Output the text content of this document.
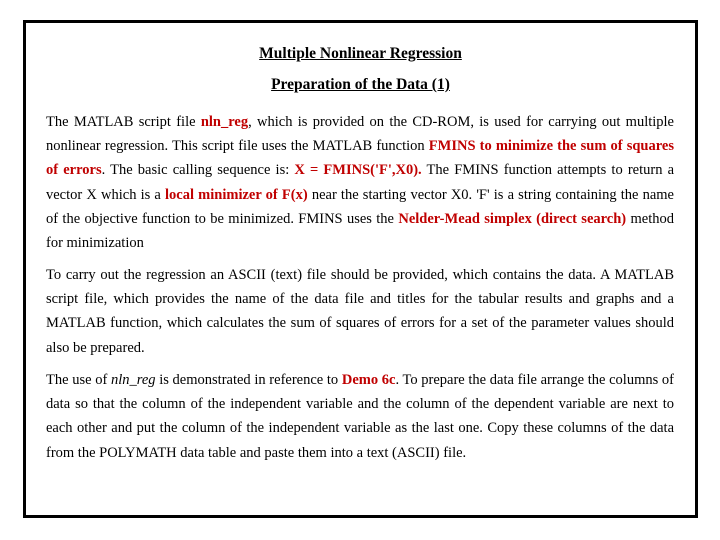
Multiple Nonlinear Regression
Preparation of the Data (1)

The MATLAB script file nln_reg, which is provided on the CD-ROM, is used for carrying out multiple nonlinear regression. This script file uses the MATLAB function FMINS to minimize the sum of squares of errors. The basic calling sequence is: X = FMINS('F',X0). The FMINS function attempts to return a vector X which is a local minimizer of F(x) near the starting vector X0. 'F' is a string containing the name of the objective function to be minimized. FMINS uses the Nelder-Mead simplex (direct search) method for minimization

To carry out the regression an ASCII (text) file should be provided, which contains the data. A MATLAB script file, which provides the name of the data file and titles for the tabular results and graphs and a MATLAB function, which calculates the sum of squares of errors for a set of the parameter values should also be prepared.

The use of nln_reg is demonstrated in reference to Demo 6c. To prepare the data file arrange the columns of data so that the column of the independent variable and the column of the dependent variable are next to each other and put the column of the independent variable as the last one. Copy these columns of the data from the POLYMATH data table and paste them into a text (ASCII) file.
